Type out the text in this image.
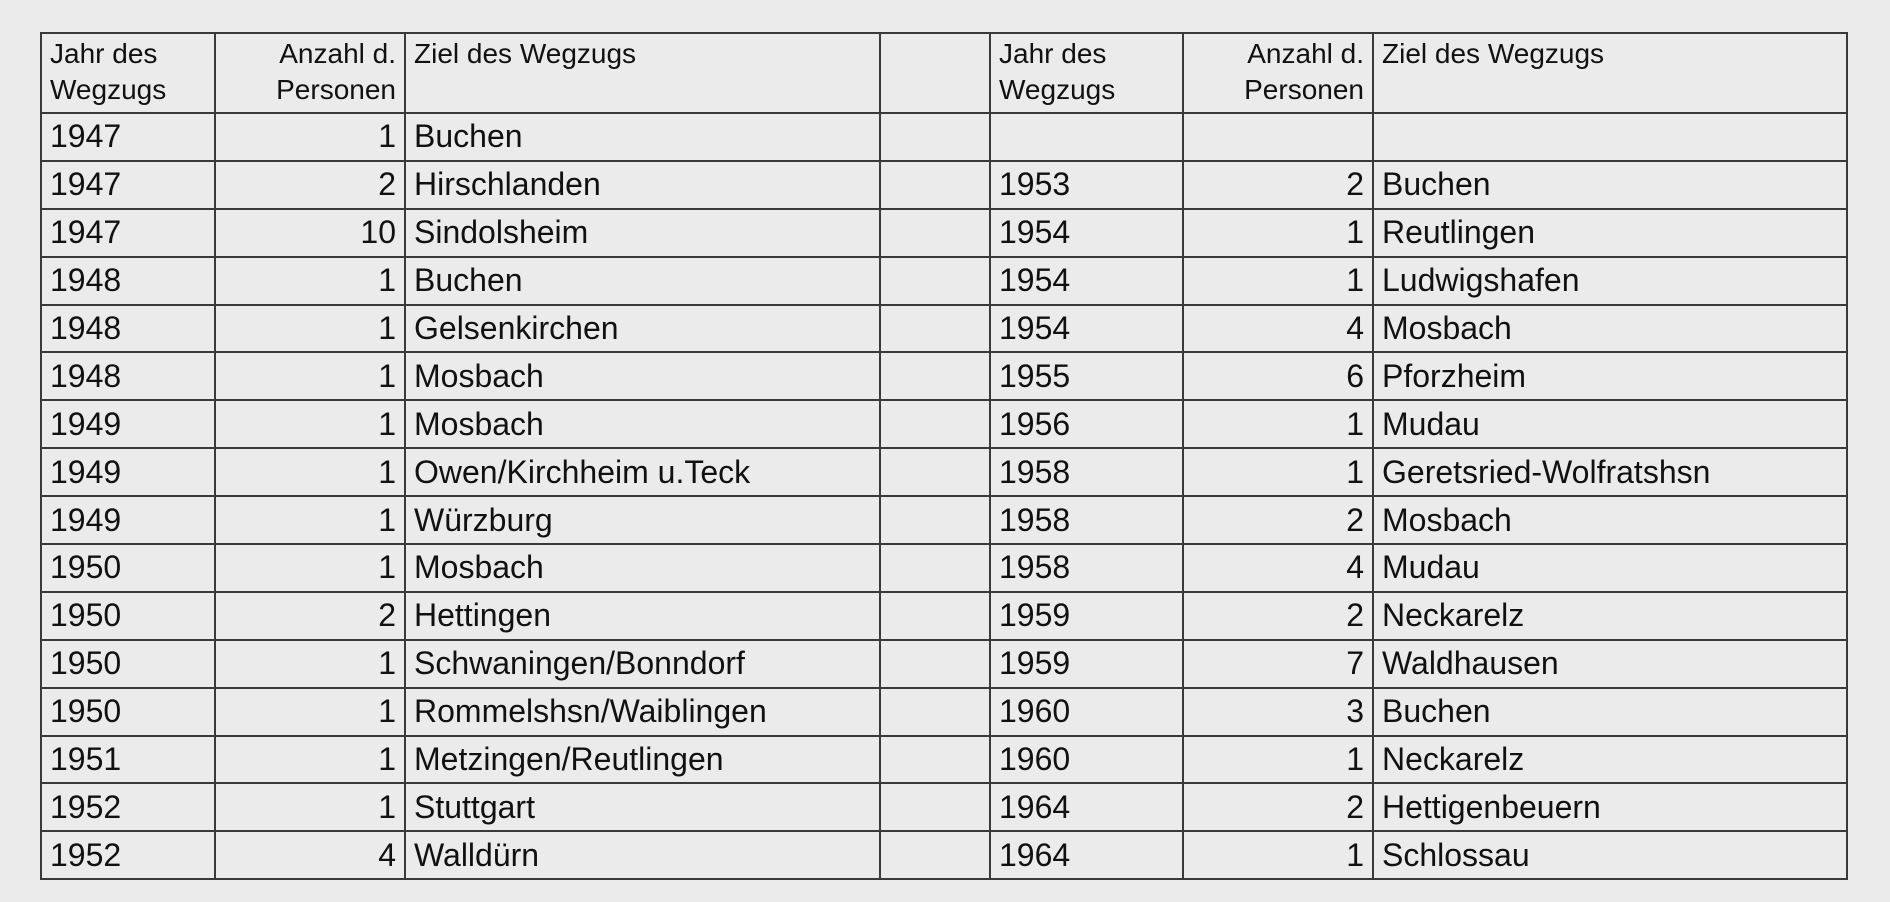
Jahr des Wegzugs	Anzahl d. Personen	Ziel des Wegzugs		Jahr des Wegzugs	Anzahl d. Personen	Ziel des Wegzugs
1947	1	Buchen				
1947	2	Hirschlanden		1953	2	Buchen
1947	10	Sindolsheim		1954	1	Reutlingen
1948	1	Buchen		1954	1	Ludwigshafen
1948	1	Gelsenkirchen		1954	4	Mosbach
1948	1	Mosbach		1955	6	Pforzheim
1949	1	Mosbach		1956	1	Mudau
1949	1	Owen/Kirchheim u.Teck		1958	1	Geretsried-Wolfratshsn
1949	1	Würzburg		1958	2	Mosbach
1950	1	Mosbach		1958	4	Mudau
1950	2	Hettingen		1959	2	Neckarelz
1950	1	Schwaningen/Bonndorf		1959	7	Waldhausen
1950	1	Rommelshsn/Waiblingen		1960	3	Buchen
1951	1	Metzingen/Reutlingen		1960	1	Neckarelz
1952	1	Stuttgart		1964	2	Hettigenbeuern
1952	4	Walldürn		1964	1	Schlossau
